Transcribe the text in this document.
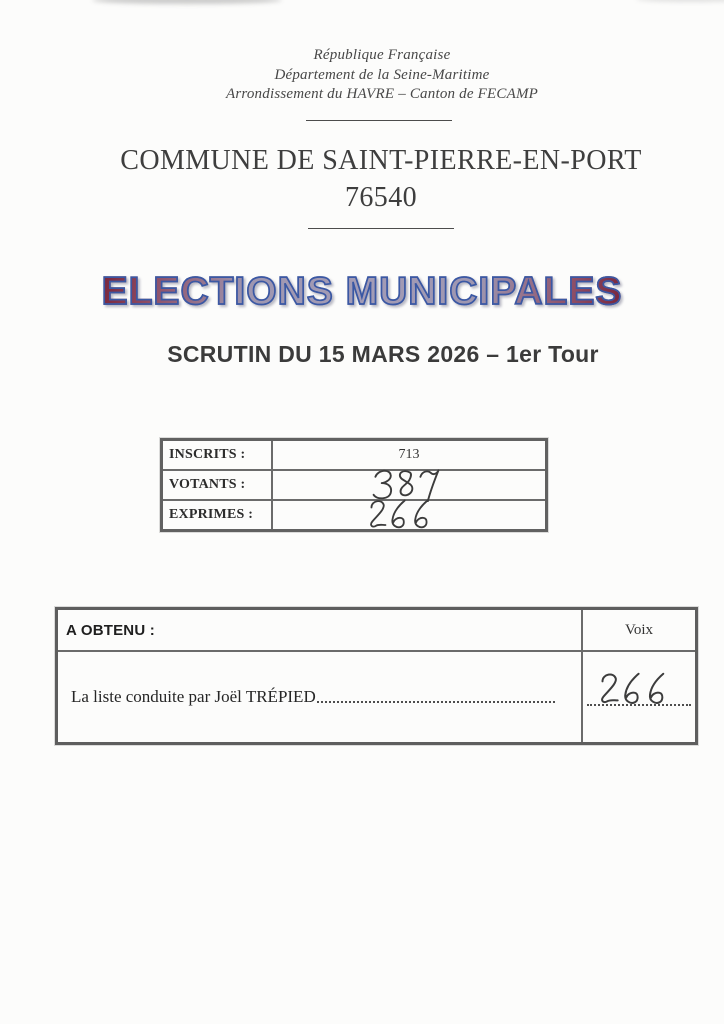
République Française
Département de la Seine-Maritime
Arrondissement du HAVRE – Canton de FECAMP
COMMUNE DE SAINT-PIERRE-EN-PORT
76540
ELECTIONS MUNICIPALES
SCRUTIN DU 15 MARS 2026 – 1er Tour
INSCRITS :	713
VOTANTS :
EXPRIMES :
A OBTENU :	Voix
La liste conduite par Joël TRÉPIED
